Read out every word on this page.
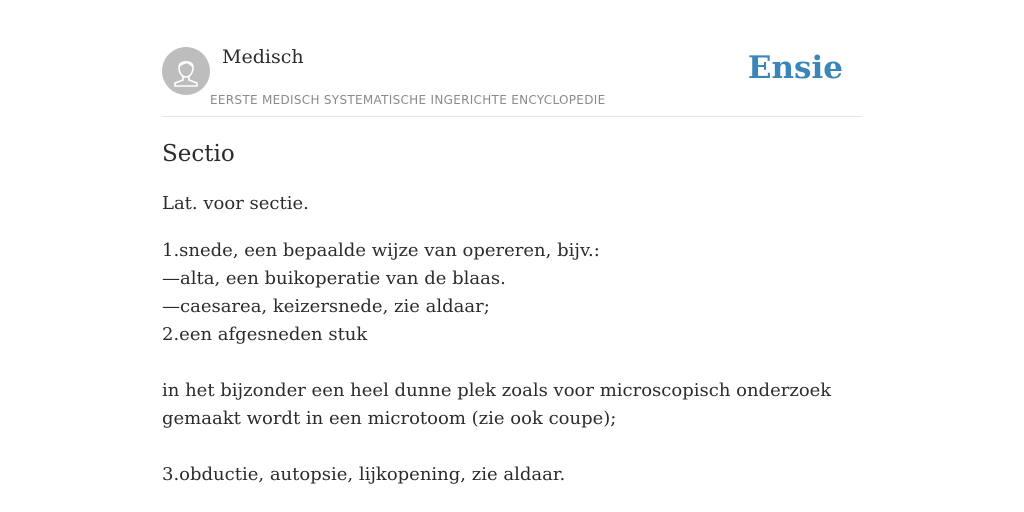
Medisch
EERSTE MEDISCH SYSTEMATISCHE INGERICHTE ENCYCLOPEDIE
Ensie
Sectio

Lat. voor sectie.

1.snede, een bepaalde wijze van opereren, bijv.:
—alta, een buikoperatie van de blaas.
—caesarea, keizersnede, zie aldaar;
2.een afgesneden stuk
in het bijzonder een heel dunne plek zoals voor microscopisch onderzoek
gemaakt wordt in een microtoom (zie ook coupe);
3.obductie, autopsie, lijkopening, zie aldaar.
